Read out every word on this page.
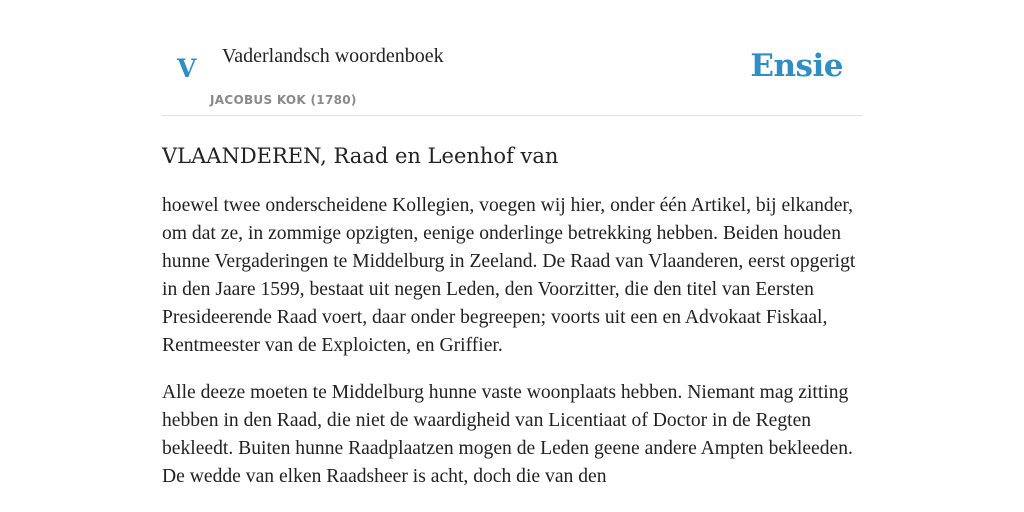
V Vaderlandsch woordenboek
JACOBUS KOK (1780)
Ensie
VLAANDEREN, Raad en Leenhof van

hoewel twee onderscheidene Kollegien, voegen wij hier, onder één Artikel, bij elkander, om dat ze, in zommige opzigten, eenige onderlinge betrekking hebben. Beiden houden hunne Vergaderingen te Middelburg in Zeeland. De Raad van Vlaanderen, eerst opgerigt in den Jaare 1599, bestaat uit negen Leden, den Voorzitter, die den titel van Eersten Presideerende Raad voert, daar onder begreepen; voorts uit een en Advokaat Fiskaal, Rentmeester van de Exploicten, en Griffier.

Alle deeze moeten te Middelburg hunne vaste woonplaats hebben. Niemant mag zitting hebben in den Raad, die niet de waardigheid van Licentiaat of Doctor in de Regten bekleedt. Buiten hunne Raadplaatzen mogen de Leden geene andere Ampten bekleeden. De wedde van elken Raadsheer is acht, doch die van den
